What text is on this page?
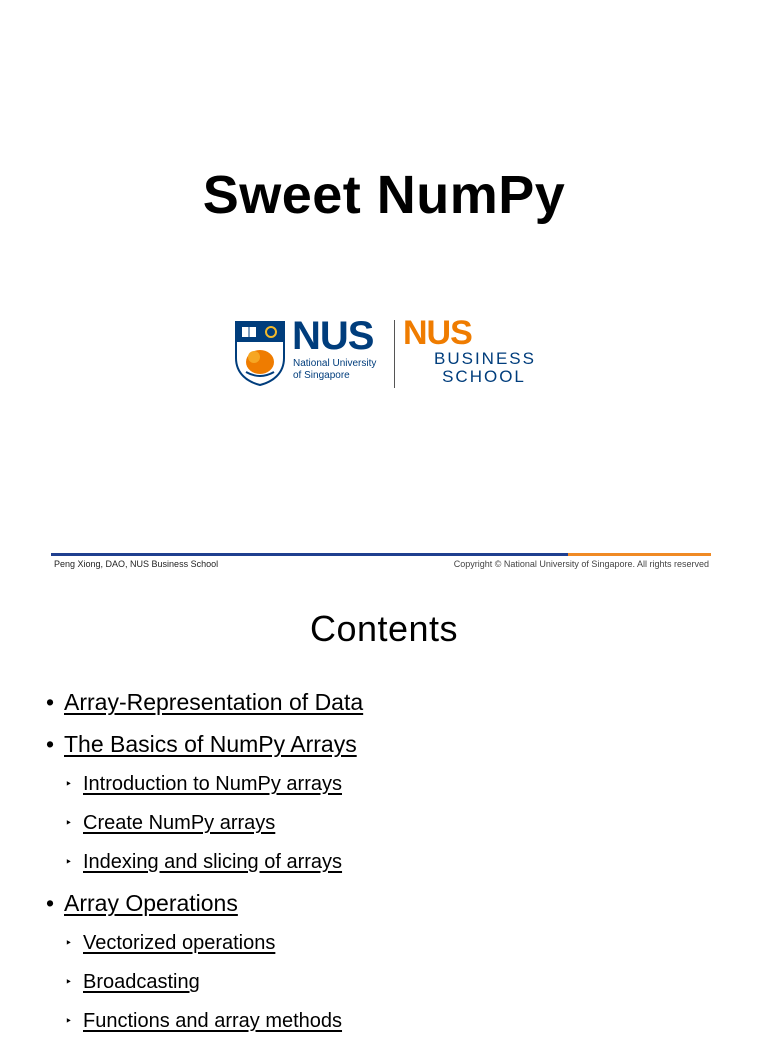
Sweet NumPy
NUS
National University
of Singapore
NUS
BUSINESS
SCHOOL
Peng Xiong, DAO, NUS Business School	Copyright © National University of Singapore. All rights reserved
Contents
• Array-Representation of Data
• The Basics of NumPy Arrays
‣ Introduction to NumPy arrays
‣ Create NumPy arrays
‣ Indexing and slicing of arrays
• Array Operations
‣ Vectorized operations
‣ Broadcasting
‣ Functions and array methods
